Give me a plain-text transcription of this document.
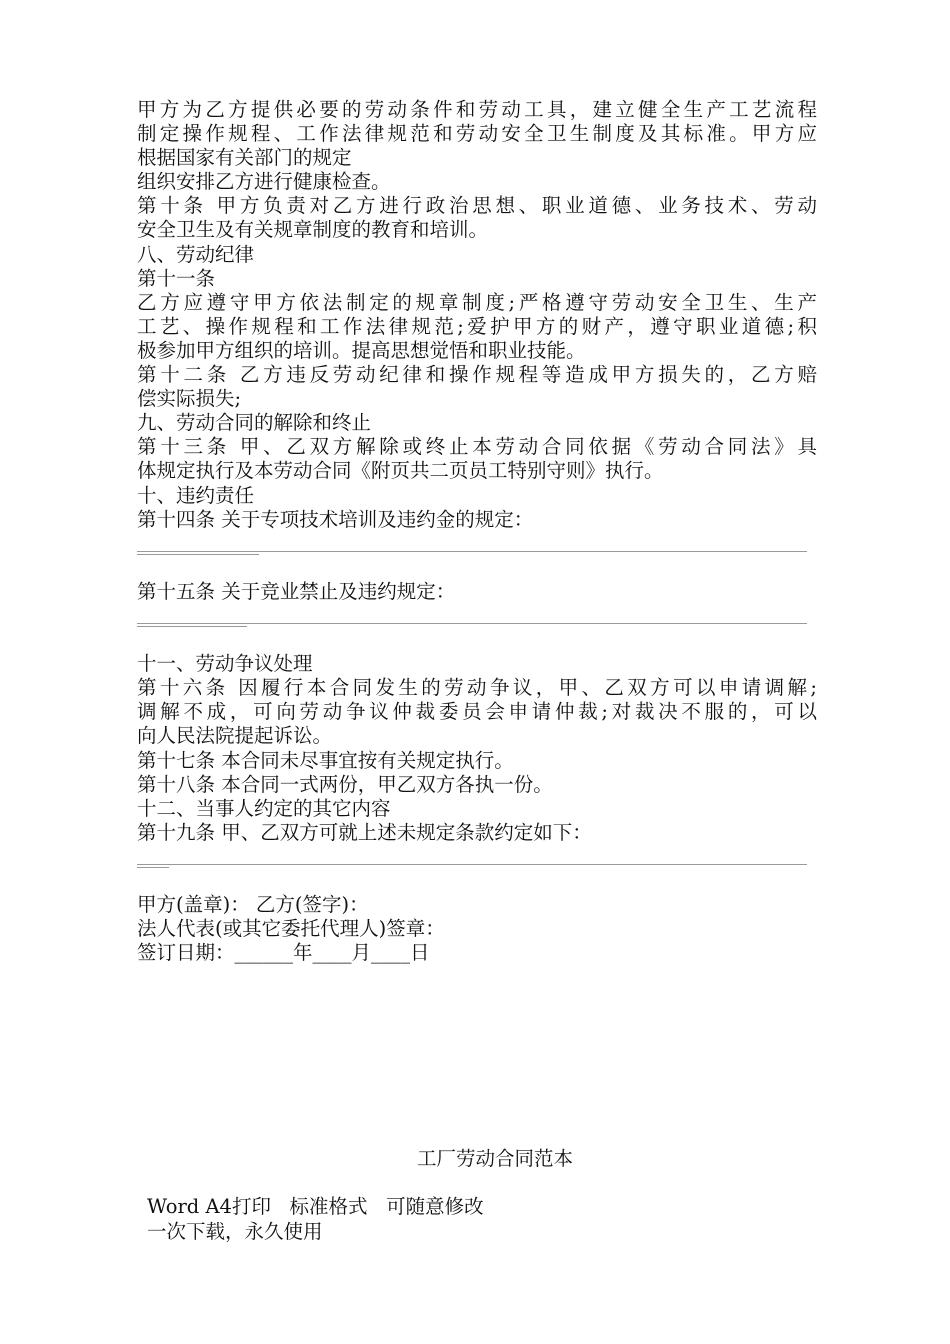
甲方为乙方提供必要的劳动条件和劳动工具，建立健全生产工艺流程
制定操作规程、工作法律规范和劳动安全卫生制度及其标准。甲方应
根据国家有关部门的规定
组织安排乙方进行健康检查。
第十条 甲方负责对乙方进行政治思想、职业道德、业务技术、劳动
安全卫生及有关规章制度的教育和培训。
八、劳动纪律
第十一条
乙方应遵守甲方依法制定的规章制度;严格遵守劳动安全卫生、生产
工艺、操作规程和工作法律规范;爱护甲方的财产，遵守职业道德;积
极参加甲方组织的培训。提高思想觉悟和职业技能。
第十二条 乙方违反劳动纪律和操作规程等造成甲方损失的，乙方赔
偿实际损失;
九、劳动合同的解除和终止
第十三条 甲、乙双方解除或终止本劳动合同依据《劳动合同法》具
体规定执行及本劳动合同《附页共二页员工特别守则》执行。
十、违约责任
第十四条 关于专项技术培训及违约金的规定：
第十五条 关于竞业禁止及违约规定：
十一、劳动争议处理
第十六条 因履行本合同发生的劳动争议，甲、乙双方可以申请调解;
调解不成，可向劳动争议仲裁委员会申请仲裁;对裁决不服的，可以
向人民法院提起诉讼。
第十七条 本合同未尽事宜按有关规定执行。
第十八条 本合同一式两份，甲乙双方各执一份。
十二、当事人约定的其它内容
第十九条 甲、乙双方可就上述未规定条款约定如下：
甲方(盖章)： 乙方(签字)：
法人代表(或其它委托代理人)签章：
签订日期：______年____月____日
工厂劳动合同范本
Word A4打印   标准格式   可随意修改
一次下载，永久使用
